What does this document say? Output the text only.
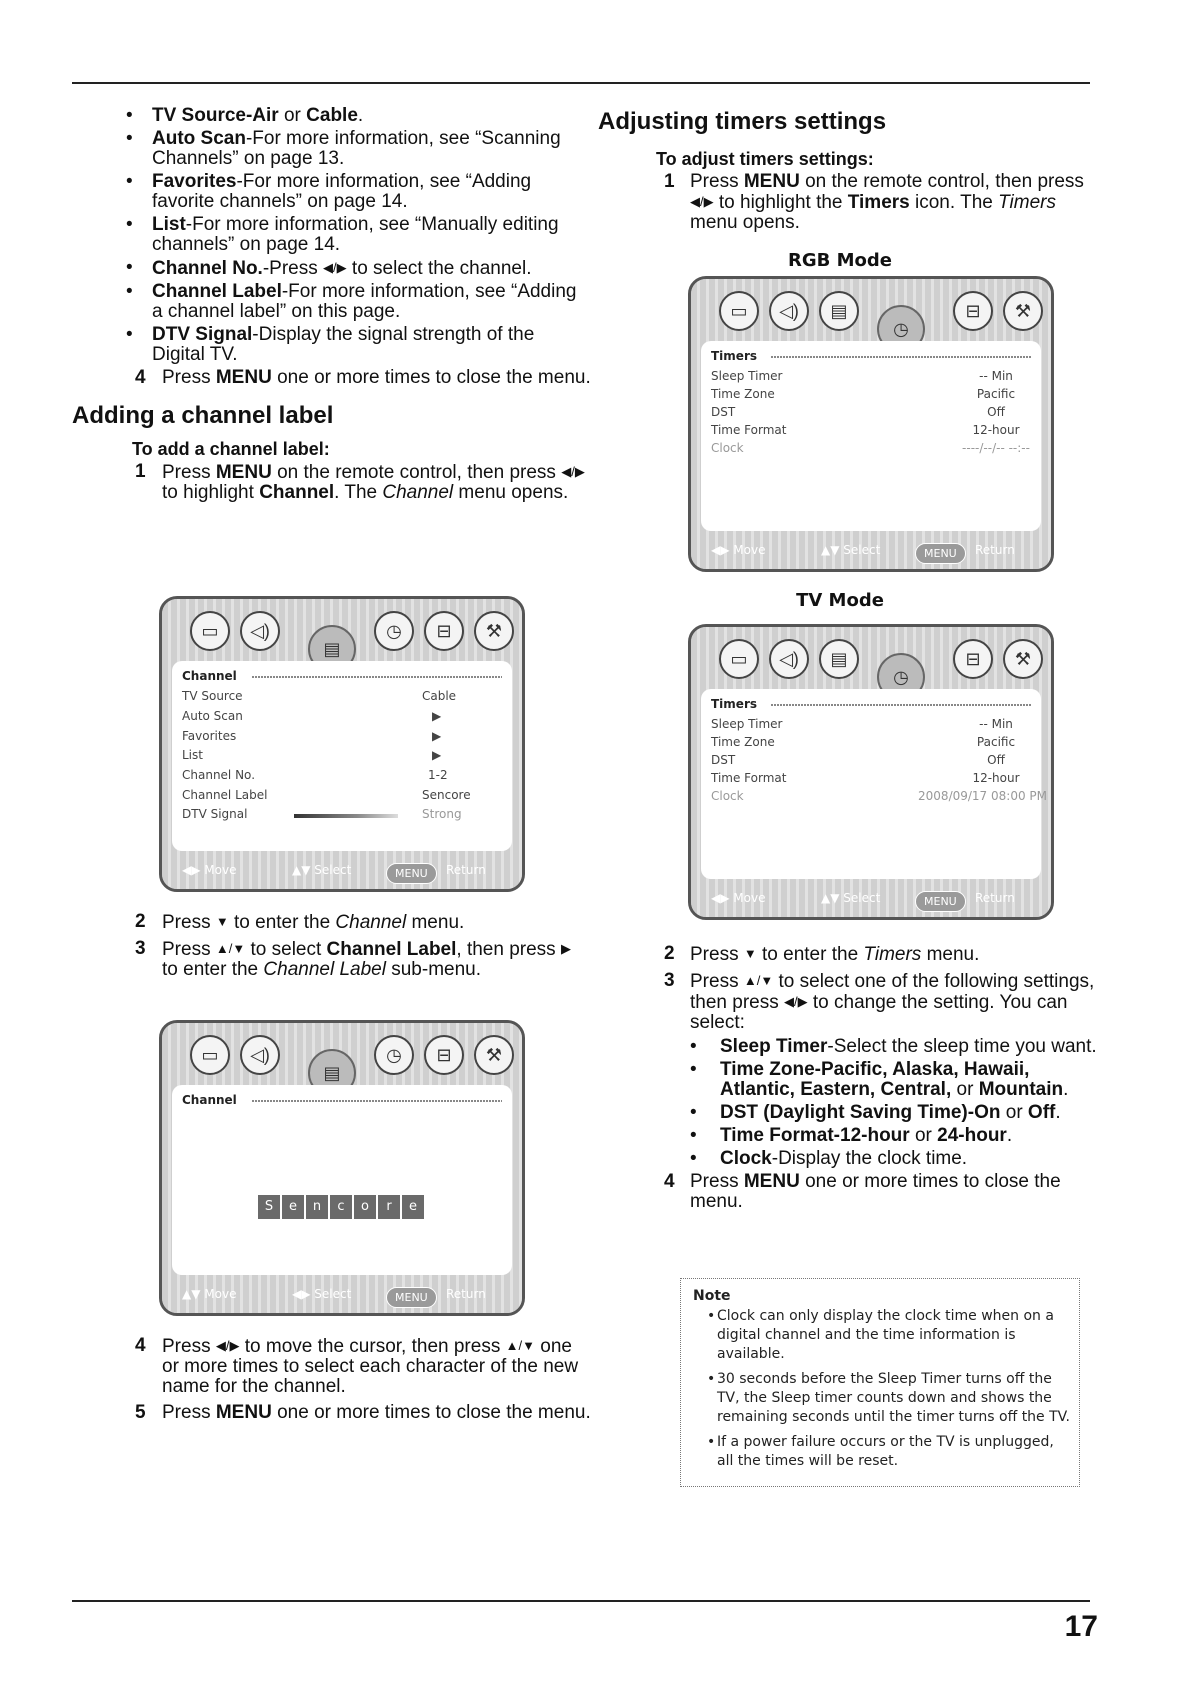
• TV Source-Air or Cable.
• Auto Scan-For more information, see “Scanning Channels” on page 13.
• Favorites-For more information, see “Adding favorite channels” on page 14.
• List-For more information, see “Manually editing channels” on page 14.
• Channel No.-Press ◀/▶ to select the channel.
• Channel Label-For more information, see “Adding a channel label” on this page.
• DTV Signal-Display the signal strength of the Digital TV.
4 Press MENU one or more times to close the menu.
Adding a channel label
To add a channel label:
1 Press MENU on the remote control, then press ◀/▶ to highlight Channel. The Channel menu opens.
▭	◁)
▤
◷	⊟	⚒
Channel
TV Source	Cable
Auto Scan	▶
Favorites	▶
List	▶
Channel No.	1-2
Channel Label	Sencore
DTV Signal	Strong
◀▶ Move	▲▼ Select	MENU	Return
2 Press ▼ to enter the Channel menu.
3 Press ▲/▼ to select Channel Label, then press ▶ to enter the Channel Label sub-menu.
▭	◁)
▤
◷	⊟	⚒
Channel
S e n c o r e
▲▼ Move	◀▶ Select	MENU	Return
4 Press ◀/▶ to move the cursor, then press ▲/▼ one or more times to select each character of the new name for the channel.
5 Press MENU one or more times to close the menu.
Adjusting timers settings
To adjust timers settings:
1 Press MENU on the remote control, then press ◀/▶ to highlight the Timers icon. The Timers menu opens.
RGB Mode
▭	◁)	▤
◷
⊟	⚒
Timers
Sleep Timer	-- Min
Time Zone	Pacific
DST	Off
Time Format	12-hour
Clock	----/--/-- --:--
◀▶ Move	▲▼ Select	MENU	Return
TV Mode
▭	◁)	▤
◷
⊟	⚒
Timers
Sleep Timer	-- Min
Time Zone	Pacific
DST	Off
Time Format	12-hour
Clock	2008/09/17 08:00 PM
◀▶ Move	▲▼ Select	MENU	Return
2 Press ▼ to enter the Timers menu.
3 Press ▲/▼ to select one of the following settings, then press ◀/▶ to change the setting. You can select:
• Sleep Timer-Select the sleep time you want.
• Time Zone-Pacific, Alaska, Hawaii, Atlantic, Eastern, Central, or Mountain.
• DST (Daylight Saving Time)-On or Off.
• Time Format-12-hour or 24-hour.
• Clock-Display the clock time.
4 Press MENU one or more times to close the menu.
Note
• Clock can only display the clock time when on a digital channel and the time information is available.
• 30 seconds before the Sleep Timer turns off the TV, the Sleep timer counts down and shows the remaining seconds until the timer turns off the TV.
• If a power failure occurs or the TV is unplugged, all the times will be reset.
17
